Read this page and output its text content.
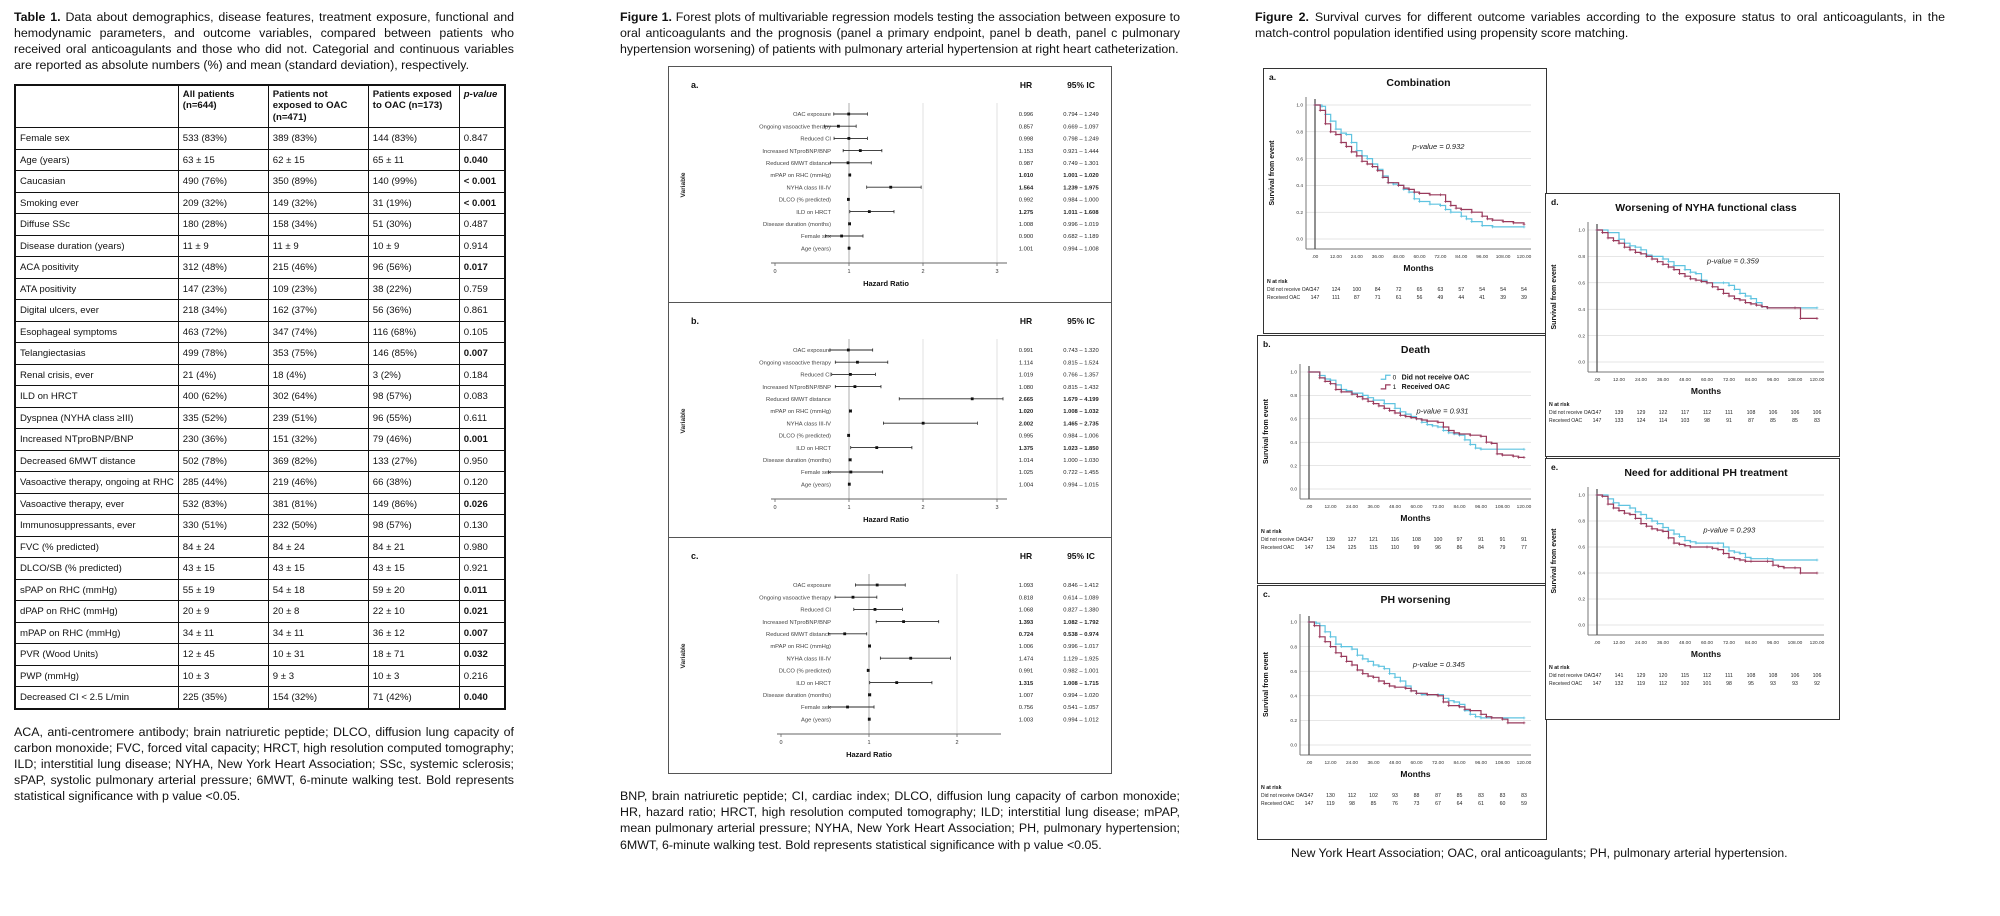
Table 1. Data about demographics, disease features, treatment exposure, functional and hemodynamic parameters, and outcome variables, compared between patients who received oral anticoagulants and those who did not. Categorial and continuous variables are reported as absolute numbers (%) and mean (standard deviation), respectively.

	All patients (n=644)	Patients not exposed to OAC (n=471)	Patients exposed to OAC (n=173)	p-value
Female sex	533 (83%)	389 (83%)	144 (83%)	0.847
Age (years)	63 ± 15	62 ± 15	65 ± 11	0.040
Caucasian	490 (76%)	350 (89%)	140 (99%)	< 0.001
Smoking ever	209 (32%)	149 (32%)	31 (19%)	< 0.001
Diffuse SSc	180 (28%)	158 (34%)	51 (30%)	0.487
Disease duration (years)	11 ± 9	11 ± 9	10 ± 9	0.914
ACA positivity	312 (48%)	215 (46%)	96 (56%)	0.017
ATA positivity	147 (23%)	109 (23%)	38 (22%)	0.759
Digital ulcers, ever	218 (34%)	162 (37%)	56 (36%)	0.861
Esophageal symptoms	463 (72%)	347 (74%)	116 (68%)	0.105
Telangiectasias	499 (78%)	353 (75%)	146 (85%)	0.007
Renal crisis, ever	21 (4%)	18 (4%)	3 (2%)	0.184
ILD on HRCT	400 (62%)	302 (64%)	98 (57%)	0.083
Dyspnea (NYHA class ≥III)	335 (52%)	239 (51%)	96 (55%)	0.611
Increased NTproBNP/BNP	230 (36%)	151 (32%)	79 (46%)	0.001
Decreased 6MWT distance	502 (78%)	369 (82%)	133 (27%)	0.950
Vasoactive therapy, ongoing at RHC	285 (44%)	219 (46%)	66 (38%)	0.120
Vasoactive therapy, ever	532 (83%)	381 (81%)	149 (86%)	0.026
Immunosuppressants, ever	330 (51%)	232 (50%)	98 (57%)	0.130
FVC (% predicted)	84 ± 24	84 ± 24	84 ± 21	0.980
DLCO/SB (% predicted)	43 ± 15	43 ± 15	43 ± 15	0.921
sPAP on RHC (mmHg)	55 ± 19	54 ± 18	59 ± 20	0.011
dPAP on RHC (mmHg)	20 ± 9	20 ± 8	22 ± 10	0.021
mPAP on RHC (mmHg)	34 ± 11	34 ± 11	36 ± 12	0.007
PVR (Wood Units)	12 ± 45	10 ± 31	18 ± 71	0.032
PWP (mmHg)	10 ± 3	9 ± 3	10 ± 3	0.216
Decreased CI < 2.5 L/min	225 (35%)	154 (32%)	71 (42%)	0.040

ACA, anti-centromere antibody; brain natriuretic peptide; DLCO, diffusion lung capacity of carbon monoxide; FVC, forced vital capacity; HRCT, high resolution computed tomography; ILD; interstitial lung disease; NYHA, New York Heart Association; SSc, systemic sclerosis; sPAP, systolic pulmonary arterial pressure; 6MWT, 6-minute walking test. Bold represents statistical significance with p value <0.05.

Figure 1. Forest plots of multivariable regression models testing the association between exposure to oral anticoagulants and the prognosis (panel a primary endpoint, panel b death, panel c pulmonary hypertension worsening) of patients with pulmonary arterial hypertension at right heart catheterization.

a.	HR	95% IC
OAC exposure	0.996	0.794 – 1.249
Ongoing vasoactive therapy	0.857	0.669 – 1.097
Reduced CI	0.998	0.798 – 1.249
Increased NTproBNP/BNP	1.153	0.921 – 1.444
Reduced 6MWT distance	0.987	0.749 – 1.301
mPAP on RHC (mmHg)	1.010	1.001 – 1.020
NYHA class III-IV	1.564	1.239 – 1.975
DLCO (% predicted)	0.992	0.984 – 1.000
ILD on HRCT	1.275	1.011 – 1.608
Disease duration (months)	1.008	0.996 – 1.019
Female sex	0.900	0.682 – 1.189
Age (years)	1.001	0.994 – 1.008
0	1	2	3
Hazard Ratio
Variable
b.	HR	95% IC
OAC exposure	0.991	0.743 – 1.320
Ongoing vasoactive therapy	1.114	0.815 – 1.524
Reduced CI	1.019	0.766 – 1.357
Increased NTproBNP/BNP	1.080	0.815 – 1.432
Reduced 6MWT distance	2.665	1.679 – 4.199
mPAP on RHC (mmHg)	1.020	1.008 – 1.032
NYHA class III-IV	2.002	1.465 – 2.735
DLCO (% predicted)	0.995	0.984 – 1.006
ILD on HRCT	1.375	1.023 – 1.850
Disease duration (months)	1.014	1.000 – 1.030
Female sex	1.025	0.722 – 1.455
Age (years)	1.004	0.994 – 1.015
0	1	2	3
Hazard Ratio
Variable
c.	HR	95% IC
OAC exposure	1.093	0.846 – 1.412
Ongoing vasoactive therapy	0.818	0.614 – 1.089
Reduced CI	1.068	0.827 – 1.380
Increased NTproBNP/BNP	1.393	1.082 – 1.792
Reduced 6MWT distance	0.724	0.538 – 0.974
mPAP on RHC (mmHg)	1.006	0.996 – 1.017
NYHA class III-IV	1.474	1.129 – 1.925
DLCO (% predicted)	0.991	0.982 – 1.001
ILD on HRCT	1.315	1.008 – 1.715
Disease duration (months)	1.007	0.994 – 1.020
Female sex	0.756	0.541 – 1.057
Age (years)	1.003	0.994 – 1.012
0	1	2
Hazard Ratio
Variable

BNP, brain natriuretic peptide; CI, cardiac index; DLCO, diffusion lung capacity of carbon monoxide; HR, hazard ratio; HRCT, high resolution computed tomography; ILD; interstitial lung disease; mPAP, mean pulmonary arterial pressure; NYHA, New York Heart Association; PH, pulmonary hypertension; 6MWT, 6-minute walking test. Bold represents statistical significance with p value <0.05.

Figure 2. Survival curves for different outcome variables according to the exposure status to oral anticoagulants, in the match-control population identified using propensity score matching.

a.	Combination
0.0
0.2
0.4
0.6
0.8
1.0
.00 12.00 24.00 36.00 48.00 60.00 72.00 84.00 96.00 108.00 120.00
Months
Survival from event	p-value = 0.932
N at risk
Did not receive OAC
147 124 100	84	72	65	63	57	54	54	54
Received OAC 147 111	87	71	61	56	49	44	41	39	39
b.	Death
0.0
0.2
0.4
0.6
0.8
1.0
.00	12.00 24.00 36.00 48.00 60.00 72.00 84.00 96.00 108.00 120.00
Months
Survival from event	p-value = 0.931
0 Did not receive OAC
1 Received OAC
N at risk
Did not receive OAC
147 139 127 121	116	108 100	97	91	91	91
Received OAC 147 134 125	115	110	99	96	86	84	79	77
c.	PH worsening
0.0
0.2
0.4
0.6
0.8
1.0
.00	12.00 24.00 36.00 48.00 60.00 72.00 84.00 96.00 108.00 120.00
Months
Survival from event	p-value = 0.345
N at risk
Did not receive OAC
147 130	112	102	93	88	87	85	83	83	83
Received OAC 147	119	98	85	76	73	67	64	61	60	59
d.	Worsening of NYHA functional class
0.0
0.2
0.4
0.6
0.8
1.0
.00	12.00 24.00 36.00 48.00 60.00 72.00 84.00 96.00 108.00 120.00
Months
Survival from event
p-value = 0.359
N at risk
Did not receive OAC
147	139	129	122	117	112	111	108	106	106	106
Received OAC 147	133	124	114	103	98	91	87	85	85	83
e.	Need for additional PH treatment
0.0
0.2
0.4
0.6
0.8
1.0
.00	12.00 24.00 36.00 48.00 60.00 72.00 84.00 96.00 108.00 120.00
Months
Survival from event	p-value = 0.293
N at risk
Did not receive OAC
147	141	129	120	115	112	111	108	108	106	106
Received OAC 147	132	119	112	102	101	98	95	93	93	92

New York Heart Association; OAC, oral anticoagulants; PH, pulmonary arterial hypertension.
